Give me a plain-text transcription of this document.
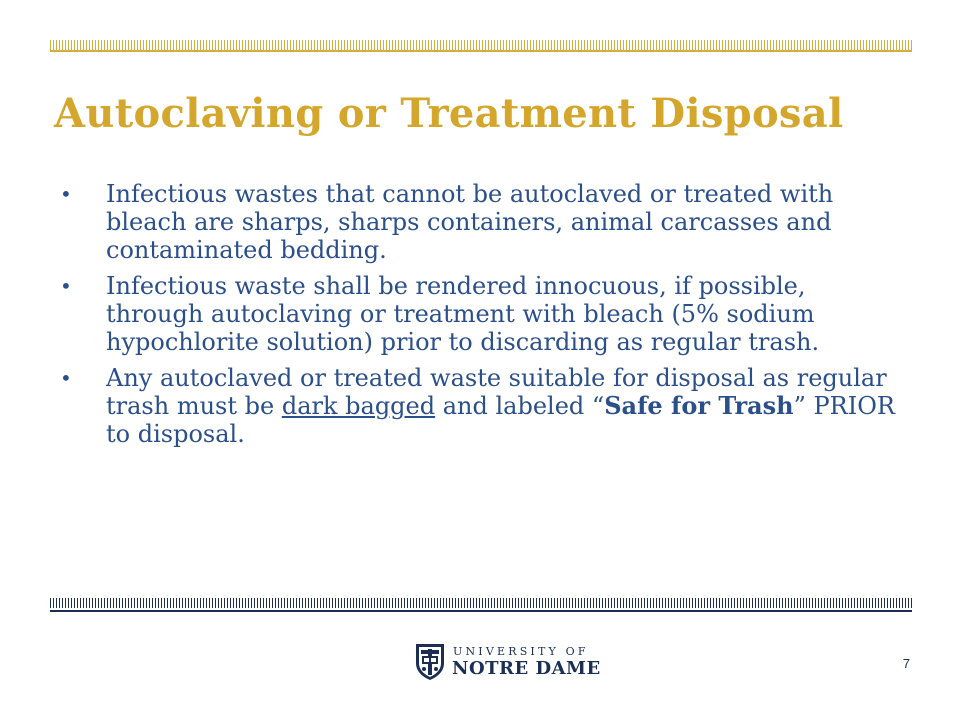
Autoclaving or Treatment Disposal
•	Infectious wastes that cannot be autoclaved or treated with bleach are sharps, sharps containers, animal carcasses and contaminated bedding.
•	Infectious waste shall be rendered innocuous, if possible, through autoclaving or treatment with bleach (5% sodium hypochlorite solution) prior to discarding as regular trash.
•	Any autoclaved or treated waste suitable for disposal as regular trash must be dark bagged and labeled “Safe for Trash” PRIOR to disposal.
UNIVERSITY OF
NOTRE DAME	7
